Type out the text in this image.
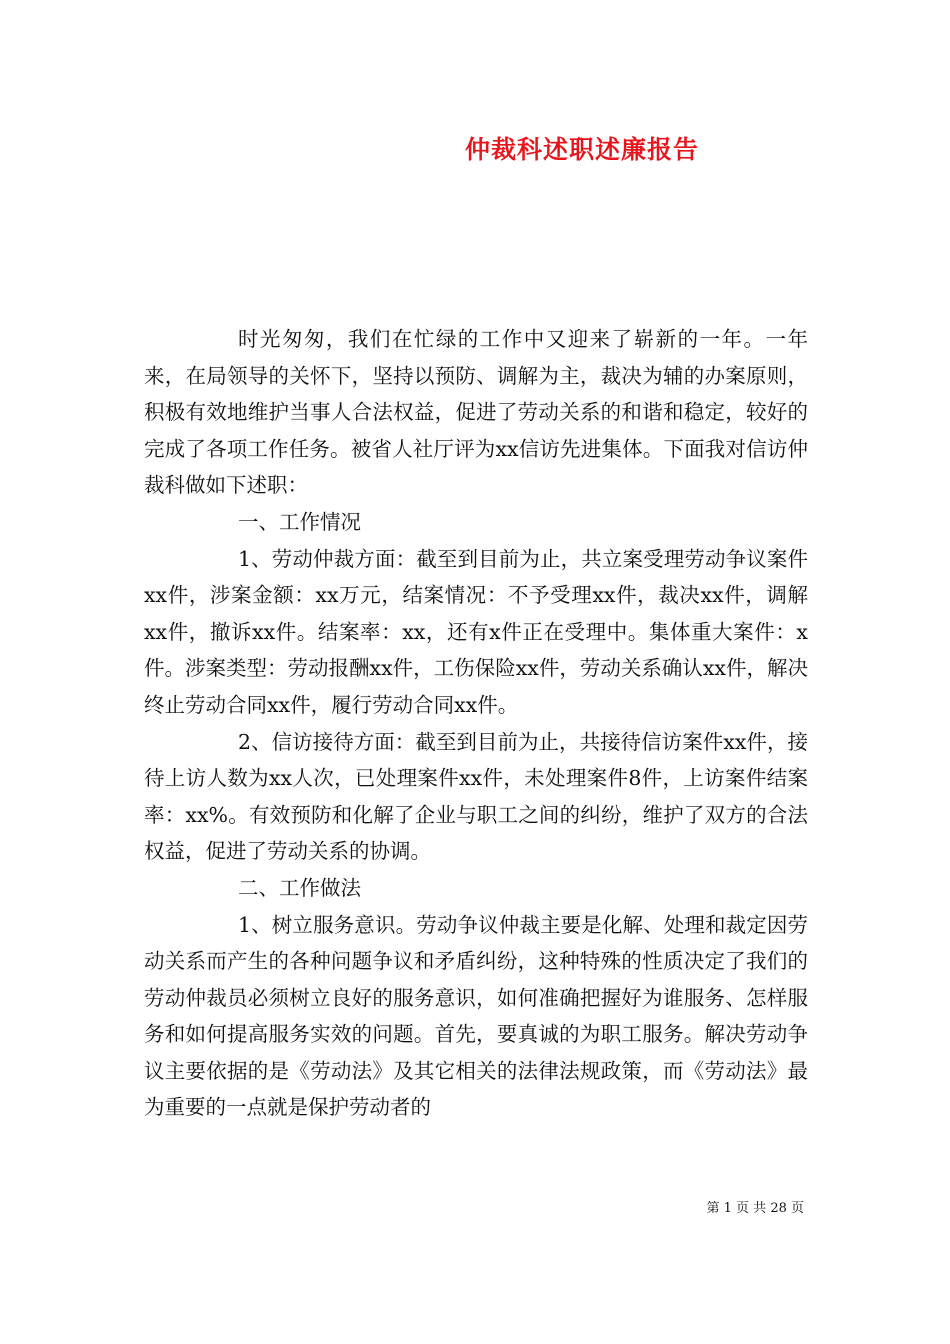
仲裁科述职述廉报告

时光匆匆，我们在忙绿的工作中又迎来了崭新的一年。一年来，在局领导的关怀下，坚持以预防、调解为主，裁决为辅的办案原则，积极有效地维护当事人合法权益，促进了劳动关系的和谐和稳定，较好的完成了各项工作任务。被省人社厅评为xx信访先进集体。下面我对信访仲裁科做如下述职：

一、工作情况

1、劳动仲裁方面：截至到目前为止，共立案受理劳动争议案件xx件，涉案金额：xx万元，结案情况：不予受理xx件，裁决xx件，调解xx件，撤诉xx件。结案率：xx，还有x件正在受理中。集体重大案件：x件。涉案类型：劳动报酬xx件，工伤保险xx件，劳动关系确认xx件，解决终止劳动合同xx件，履行劳动合同xx件。

2、信访接待方面：截至到目前为止，共接待信访案件xx件，接待上访人数为xx人次，已处理案件xx件，未处理案件8件，上访案件结案率：xx%。有效预防和化解了企业与职工之间的纠纷，维护了双方的合法权益，促进了劳动关系的协调。

二、工作做法

1、树立服务意识。劳动争议仲裁主要是化解、处理和裁定因劳动关系而产生的各种问题争议和矛盾纠纷，这种特殊的性质决定了我们的劳动仲裁员必须树立良好的服务意识，如何准确把握好为谁服务、怎样服务和如何提高服务实效的问题。首先，要真诚的为职工服务。解决劳动争议主要依据的是《劳动法》及其它相关的法律法规政策，而《劳动法》最为重要的一点就是保护劳动者的

第 1 页 共 28 页
